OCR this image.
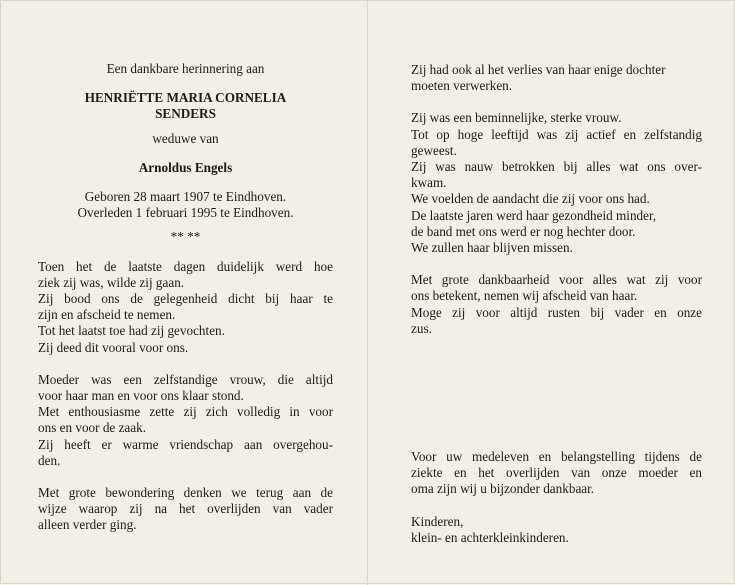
Een dankbare herinnering aan
HENRIËTTE MARIA CORNELIA
SENDERS
weduwe van
Arnoldus Engels
Geboren 28 maart 1907 te Eindhoven.
Overleden 1 februari 1995 te Eindhoven.
** **
Toen het de laatste dagen duidelijk werd hoe
ziek zij was, wilde zij gaan.
Zij bood ons de gelegenheid dicht bij haar te
zijn en afscheid te nemen.
Tot het laatst toe had zij gevochten.
Zij deed dit vooral voor ons.
Moeder was een zelfstandige vrouw, die altijd
voor haar man en voor ons klaar stond.
Met enthousiasme zette zij zich volledig in voor
ons en voor de zaak.
Zij heeft er warme vriendschap aan overgehou-
den.
Met grote bewondering denken we terug aan de
wijze waarop zij na het overlijden van vader
alleen verder ging.
Zij had ook al het verlies van haar enige dochter
moeten verwerken.
Zij was een beminnelijke, sterke vrouw.
Tot op hoge leeftijd was zij actief en zelfstandig
geweest.
Zij was nauw betrokken bij alles wat ons over-
kwam.
We voelden de aandacht die zij voor ons had.
De laatste jaren werd haar gezondheid minder,
de band met ons werd er nog hechter door.
We zullen haar blijven missen.
Met grote dankbaarheid voor alles wat zij voor
ons betekent, nemen wij afscheid van haar.
Moge zij voor altijd rusten bij vader en onze
zus.
Voor uw medeleven en belangstelling tijdens de
ziekte en het overlijden van onze moeder en
oma zijn wij u bijzonder dankbaar.
Kinderen,
klein- en achterkleinkinderen.
